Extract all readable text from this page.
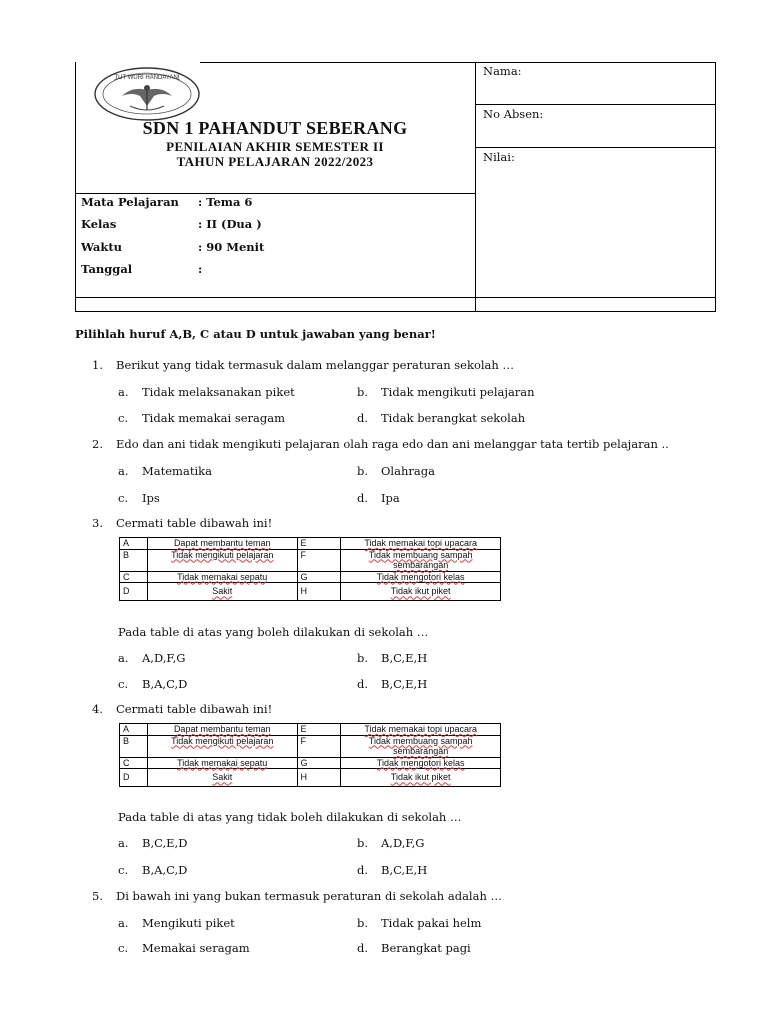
TUT WURI HANDAYANI
SDN 1 PAHANDUT SEBERANG
PENILAIAN AKHIR SEMESTER II
TAHUN PELAJARAN 2022/2023
Mata Pelajaran : Tema 6
Kelas	: II (Dua )
Waktu	: 90 Menit
Tanggal	:
Nama:
No Absen:
Nilai:
Pilihlah huruf A,B, C atau D untuk jawaban yang benar!
1. Berikut yang tidak termasuk dalam melanggar peraturan sekolah …
a. Tidak melaksanakan piket	b. Tidak mengikuti pelajaran
c. Tidak memakai seragam	d. Tidak berangkat sekolah
2. Edo dan ani tidak mengikuti pelajaran olah raga edo dan ani melanggar tata tertib pelajaran ..
a. Matematika	b. Olahraga
c. Ips	d. Ipa
3. Cermati table dibawah ini!
A	Dapat membantu teman	E	Tidak memakai topi upacara
B	Tidak mengikuti pelajaran	F	Tidak membuang sampah sembarangan
C	Tidak memakai sepatu	G	Tidak mengotori kelas
D	Sakit	H	Tidak ikut piket
Pada table di atas yang boleh dilakukan di sekolah …
a. A,D,F,G	b. B,C,E,H
c. B,A,C,D	d. B,C,E,H
4. Cermati table dibawah ini!
A	Dapat membantu teman	E	Tidak memakai topi upacara
B	Tidak mengikuti pelajaran	F	Tidak membuang sampah sembarangan
C	Tidak memakai sepatu	G	Tidak mengotori kelas
D	Sakit	H	Tidak ikut piket
Pada table di atas yang tidak boleh dilakukan di sekolah …
a. B,C,E,D	b. A,D,F,G
c. B,A,C,D	d. B,C,E,H
5. Di bawah ini yang bukan termasuk peraturan di sekolah adalah …
a. Mengikuti piket	b. Tidak pakai helm
c. Memakai seragam	d. Berangkat pagi
